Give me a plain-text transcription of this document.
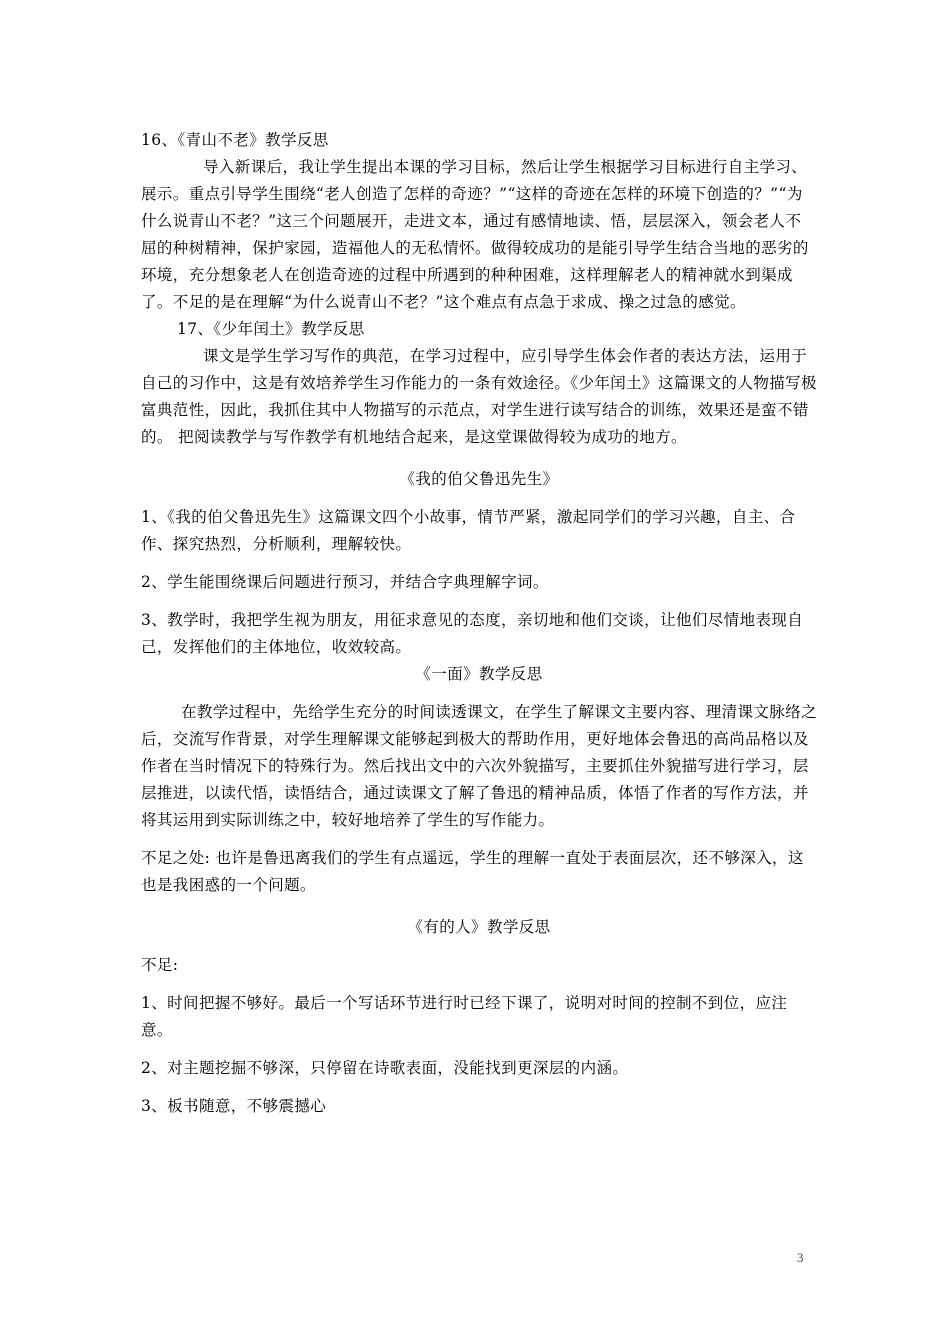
16、《青山不老》教学反思

导入新课后，我让学生提出本课的学习目标，然后让学生根据学习目标进行自主学习、展示。重点引导学生围绕“老人创造了怎样的奇迹？”“这样的奇迹在怎样的环境下创造的？”“为什么说青山不老？”这三个问题展开，走进文本，通过有感情地读、悟，层层深入，领会老人不屈的种树精神，保护家园，造福他人的无私情怀。做得较成功的是能引导学生结合当地的恶劣的环境，充分想象老人在创造奇迹的过程中所遇到的种种困难，这样理解老人的精神就水到渠成了。不足的是在理解“为什么说青山不老？”这个难点有点急于求成、操之过急的感觉。

17、《少年闰土》教学反思

课文是学生学习写作的典范，在学习过程中，应引导学生体会作者的表达方法，运用于自己的习作中，这是有效培养学生习作能力的一条有效途径。《少年闰土》这篇课文的人物描写极富典范性，因此，我抓住其中人物描写的示范点，对学生进行读写结合的训练，效果还是蛮不错的。 把阅读教学与写作教学有机地结合起来，是这堂课做得较为成功的地方。

《我的伯父鲁迅先生》

1、《我的伯父鲁迅先生》这篇课文四个小故事，情节严紧，激起同学们的学习兴趣，自主、合作、探究热烈，分析顺利，理解较快。

2、学生能围绕课后问题进行预习，并结合字典理解字词。

3、教学时，我把学生视为朋友，用征求意见的态度，亲切地和他们交谈，让他们尽情地表现自己，发挥他们的主体地位，收效较高。

《一面》教学反思

在教学过程中，先给学生充分的时间读透课文，在学生了解课文主要内容、理清课文脉络之后，交流写作背景，对学生理解课文能够起到极大的帮助作用，更好地体会鲁迅的高尚品格以及作者在当时情况下的特殊行为。然后找出文中的六次外貌描写，主要抓住外貌描写进行学习，层层推进，以读代悟，读悟结合，通过读课文了解了鲁迅的精神品质，体悟了作者的写作方法，并将其运用到实际训练之中，较好地培养了学生的写作能力。

不足之处: 也许是鲁迅离我们的学生有点遥远，学生的理解一直处于表面层次，还不够深入，这也是我困惑的一个问题。

《有的人》教学反思

不足:

1、时间把握不够好。最后一个写话环节进行时已经下课了，说明对时间的控制不到位，应注意。

2、对主题挖掘不够深，只停留在诗歌表面，没能找到更深层的内涵。

3、板书随意，不够震撼心

3
